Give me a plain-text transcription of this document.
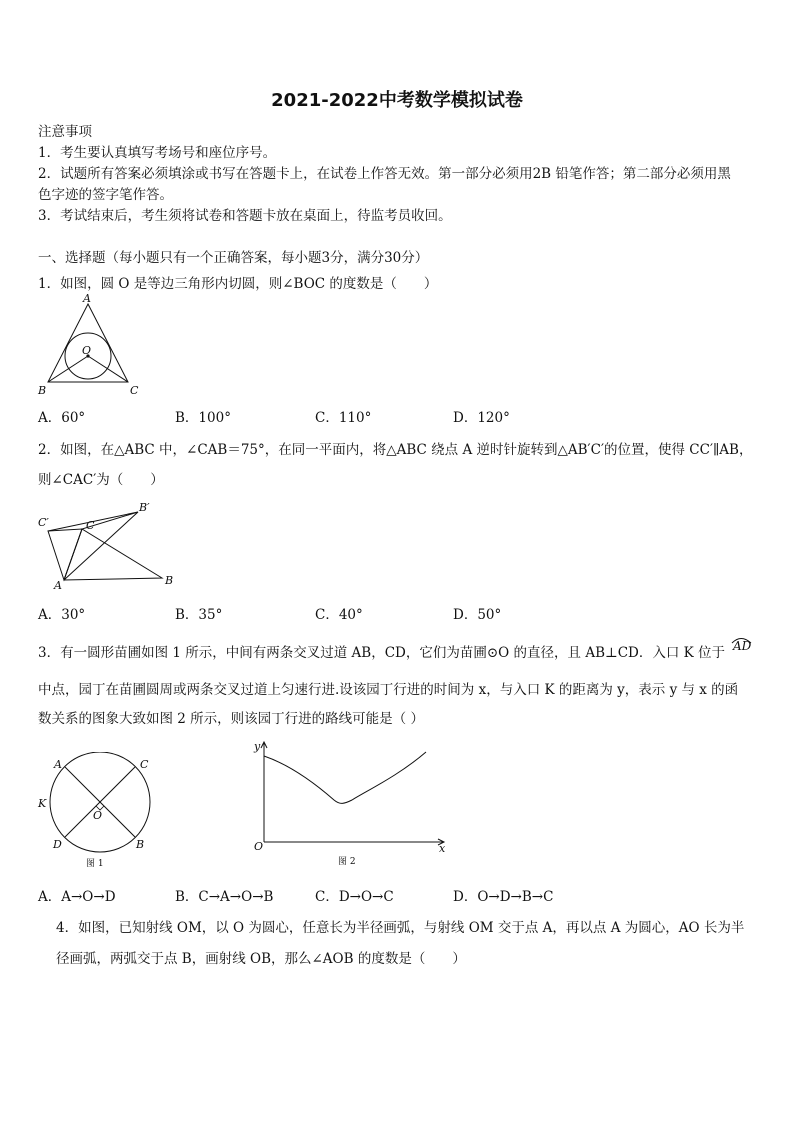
2021-2022中考数学模拟试卷
注意事项
1．考生要认真填写考场号和座位序号。
2．试题所有答案必须填涂或书写在答题卡上，在试卷上作答无效。第一部分必须用2B 铅笔作答；第二部分必须用黑
色字迹的签字笔作答。
3．考试结束后，考生须将试卷和答题卡放在桌面上，待监考员收回。
一、选择题（每小题只有一个正确答案，每小题3分，满分30分）
1．如图，圆 O 是等边三角形内切圆，则∠BOC 的度数是（　　）
A
B	C
O
A．60°	B．100°	C．110°	D．120°
2．如图，在△ABC 中，∠CAB＝75°，在同一平面内，将△ABC 绕点 A 逆时针旋转到△AB′C′的位置，使得 CC′∥AB，
则∠CAC′为（　　）
C′	C
B′
A	B
A．30°	B．35°	C．40°	D．50°
3．有一圆形苗圃如图 1 所示，中间有两条交叉过道 AB，CD，它们为苗圃⊙O 的直径，且 AB⊥CD．入口 K 位于 AD
中点，园丁在苗圃圆周或两条交叉过道上匀速行进.设该园丁行进的时间为 x，与入口 K 的距离为 y，表示 y 与 x 的函
数关系的图象大致如图 2 所示，则该园丁行进的路线可能是（ ）
A	C
K
O
D	B
图 1
y
O	x
图 2
A．A→O→D	B．C→A→O→B	C．D→O→C	D．O→D→B→C
4．如图，已知射线 OM，以 O 为圆心，任意长为半径画弧，与射线 OM 交于点 A，再以点 A 为圆心，AO 长为半
径画弧，两弧交于点 B，画射线 OB，那么∠AOB 的度数是（　　）
